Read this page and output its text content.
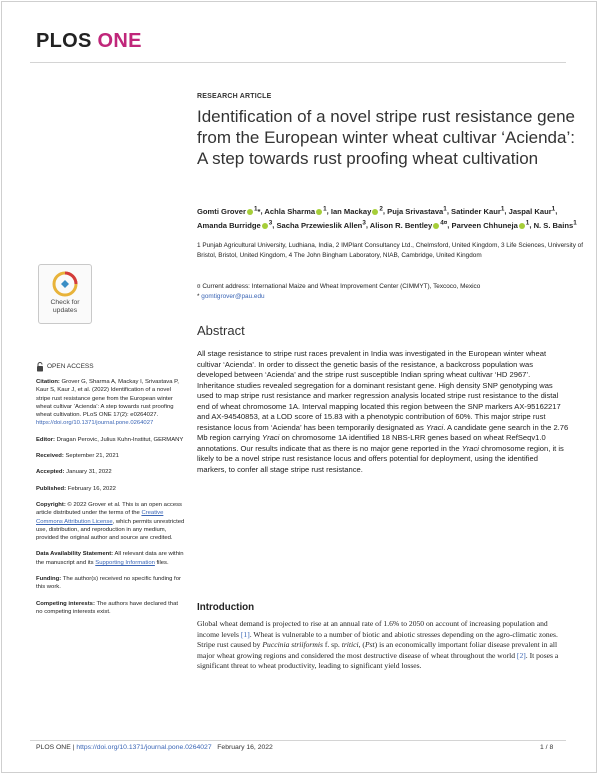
PLOS ONE
RESEARCH ARTICLE
Identification of a novel stripe rust resistance gene from the European winter wheat cultivar ‘Acienda’: A step towards rust proofing wheat cultivation
Gomti Grover $^1$*, Achla Sharma $^1$, Ian Mackay $^2$, Puja Srivastava$^1$, Satinder Kaur$^1$, Jaspal Kaur$^1$, Amanda Burridge $^3$, Sacha Przewieslik Allen$^3$, Alison R. Bentley $^{4¤}$, Parveen Chhuneja $^1$, N. S. Bains$^1$
1 Punjab Agricultural University, Ludhiana, India, 2 IMPlant Consultancy Ltd., Chelmsford, United Kingdom, 3 Life Sciences, University of Bristol, Bristol, United Kingdom, 4 The John Bingham Laboratory, NIAB, Cambridge, United Kingdom
¤ Current address: International Maize and Wheat Improvement Center (CIMMYT), Texcoco, Mexico
* gomtigrover@pau.edu
Check for
updates
OPEN ACCESS
Citation: Grover G, Sharma A, Mackay I, Srivastava P, Kaur S, Kaur J, et al. (2022) Identification of a novel stripe rust resistance gene from the European winter wheat cultivar ‘Acienda’: A step towards rust proofing wheat cultivation. PLoS ONE 17(2): e0264027. https://doi.org/10.1371/journal.pone.0264027
Editor: Dragan Perovic, Julius Kuhn-Institut, GERMANY
Received: September 21, 2021
Accepted: January 31, 2022
Published: February 16, 2022
Copyright: © 2022 Grover et al. This is an open access article distributed under the terms of the Creative Commons Attribution License, which permits unrestricted use, distribution, and reproduction in any medium, provided the original author and source are credited.
Data Availability Statement: All relevant data are within the manuscript and its Supporting Information files.
Funding: The author(s) received no specific funding for this work.
Competing interests: The authors have declared that no competing interests exist.
Abstract

All stage resistance to stripe rust races prevalent in India was investigated in the European winter wheat cultivar ‘Acienda’. In order to dissect the genetic basis of the resistance, a backcross population was developed between ‘Acienda’ and the stripe rust susceptible Indian spring wheat cultivar ‘HD 2967’. Inheritance studies revealed segregation for a dominant resistant gene. High density SNP genotyping was used to map stripe rust resistance and marker regression analysis located stripe rust resistance to the distal end of wheat chromosome 1A. Interval mapping located this region between the SNP markers AX-95162217 and AX-94540853, at a LOD score of 15.83 with a phenotypic contribution of 60%. This major stripe rust resistance locus from ‘Acienda’ has been temporarily designated as Yraci. A candidate gene search in the 2.76 Mb region carrying Yraci on chromosome 1A identified 18 NBS-LRR genes based on wheat RefSeqv1.0 annotations. Our results indicate that as there is no major gene reported in the Yraci chromosome region, it is likely to be a novel stripe rust resistance locus and offers potential for deployment, using the identified markers, to confer all stage stripe rust resistance.

Introduction

Global wheat demand is projected to rise at an annual rate of 1.6% to 2050 on account of increasing population and income levels [1]. Wheat is vulnerable to a number of biotic and abiotic stresses depending on the agro-climatic zones. Stripe rust caused by Puccinia striiformis f. sp. tritici, (Pst) is an economically important foliar disease prevalent in all major wheat growing regions and considered the most destructive disease of wheat throughout the world [2]. It poses a significant threat to wheat productivity, leading to significant yield losses.

PLOS ONE | https://doi.org/10.1371/journal.pone.0264027 February 16, 2022	1 / 8
